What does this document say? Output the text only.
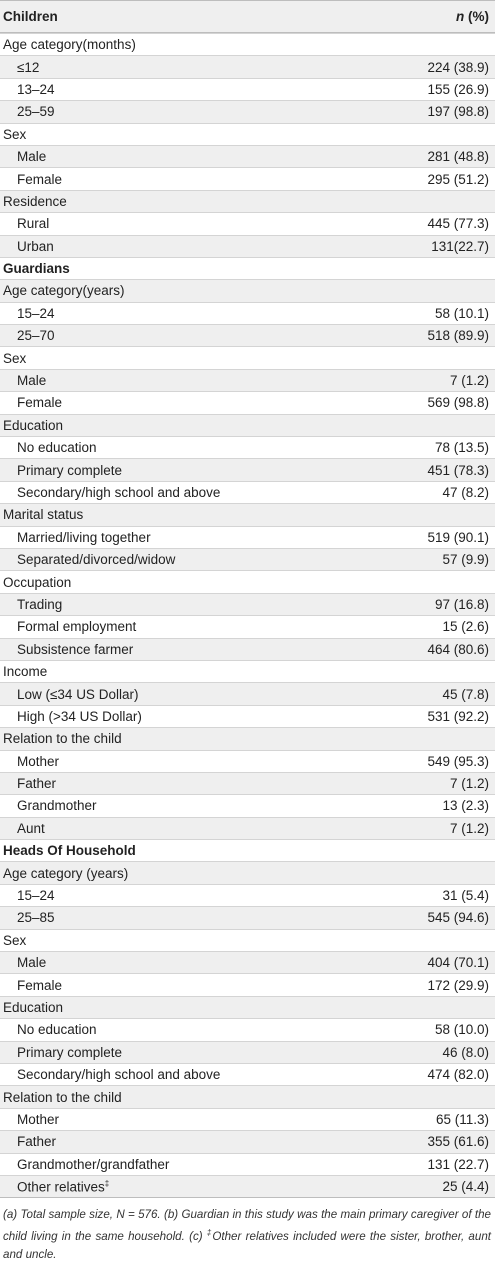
Children	n (%)
Age category(months)
≤12	224 (38.9)
13–24	155 (26.9)
25–59	197 (98.8)
Sex
Male	281 (48.8)
Female	295 (51.2)
Residence
Rural	445 (77.3)
Urban	131(22.7)
Guardians
Age category(years)
15–24	58 (10.1)
25–70	518 (89.9)
Sex
Male	7 (1.2)
Female	569 (98.8)
Education
No education	78 (13.5)
Primary complete	451 (78.3)
Secondary/high school and above	47 (8.2)
Marital status
Married/living together	519 (90.1)
Separated/divorced/widow	57 (9.9)
Occupation
Trading	97 (16.8)
Formal employment	15 (2.6)
Subsistence farmer	464 (80.6)
Income
Low (≤34 US Dollar)	45 (7.8)
High (>34 US Dollar)	531 (92.2)
Relation to the child
Mother	549 (95.3)
Father	7 (1.2)
Grandmother	13 (2.3)
Aunt	7 (1.2)
Heads Of Household
Age category (years)
15–24	31 (5.4)
25–85	545 (94.6)
Sex
Male	404 (70.1)
Female	172 (29.9)
Education
No education	58 (10.0)
Primary complete	46 (8.0)
Secondary/high school and above	474 (82.0)
Relation to the child
Mother	65 (11.3)
Father	355 (61.6)
Grandmother/grandfather	131 (22.7)
Other relatives‡	25 (4.4)
(a) Total sample size, N = 576. (b) Guardian in this study was the main primary caregiver of the child living in the same household. (c) ‡Other relatives included were the sister, brother, aunt and uncle.
